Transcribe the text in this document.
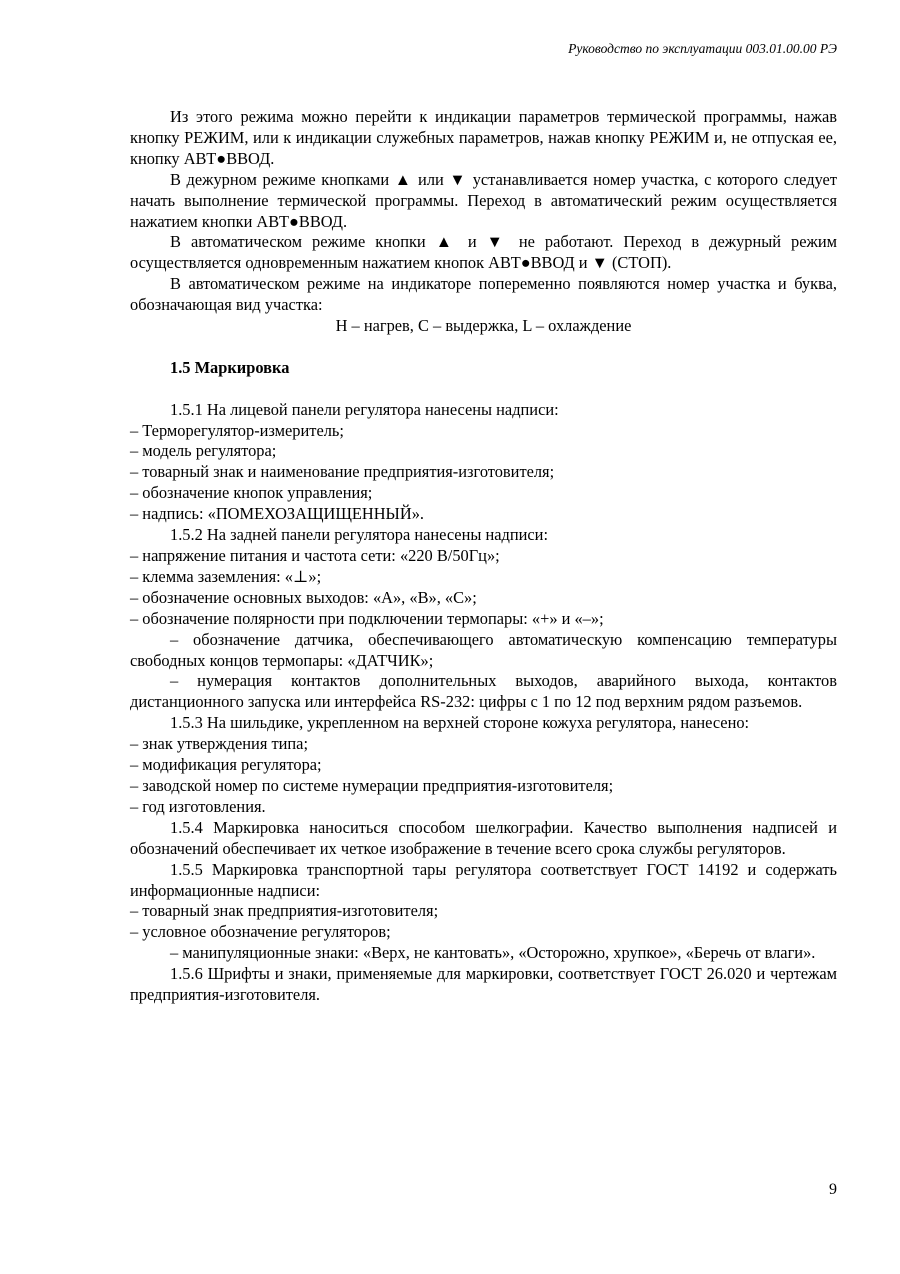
Руководство по эксплуатации 003.01.00.00 РЭ

Из этого режима можно перейти к индикации параметров термической программы, нажав кнопку РЕЖИМ, или к индикации служебных параметров, нажав кнопку РЕЖИМ и, не отпуская ее, кнопку АВТ●ВВОД.

В дежурном режиме кнопками ▲ или ▼ устанавливается номер участка, с которого следует начать выполнение термической программы. Переход в автоматический режим осуществляется нажатием кнопки АВТ●ВВОД.

В автоматическом режиме кнопки ▲ и ▼ не работают. Переход в дежурный режим осуществляется одновременным нажатием кнопок АВТ●ВВОД и ▼ (СТОП).

В автоматическом режиме на индикаторе попеременно появляются номер участка и буква, обозначающая вид участка:

Н – нагрев, С – выдержка, L – охлаждение

1.5 Маркировка

1.5.1 На лицевой панели регулятора нанесены надписи:

– Терморегулятор-измеритель;

– модель регулятора;

– товарный знак и наименование предприятия-изготовителя;

– обозначение кнопок управления;

– надпись: «ПОМЕХОЗАЩИЩЕННЫЙ».

1.5.2 На задней панели регулятора нанесены надписи:

– напряжение питания и частота сети: «220 В/50Гц»;

– клемма заземления: «⊥»;

– обозначение основных выходов: «А», «В», «С»;

– обозначение полярности при подключении термопары: «+» и «–»;

– обозначение датчика, обеспечивающего автоматическую компенсацию температуры свободных концов термопары: «ДАТЧИК»;

– нумерация контактов дополнительных выходов, аварийного выхода, контактов дистанционного запуска или интерфейса RS-232: цифры с 1 по 12 под верхним рядом разъемов.

1.5.3 На шильдике, укрепленном на верхней стороне кожуха регулятора, нанесено:

– знак утверждения типа;

– модификация регулятора;

– заводской номер по системе нумерации предприятия-изготовителя;

– год изготовления.

1.5.4 Маркировка наноситься способом шелкографии. Качество выполнения надписей и обозначений обеспечивает их четкое изображение в течение всего срока службы регуляторов.

1.5.5 Маркировка транспортной тары регулятора соответствует ГОСТ 14192 и содержать информационные надписи:

– товарный знак предприятия-изготовителя;

– условное обозначение регуляторов;

– манипуляционные знаки: «Верх, не кантовать», «Осторожно, хрупкое», «Беречь от влаги».

1.5.6 Шрифты и знаки, применяемые для маркировки, соответствует ГОСТ 26.020 и чертежам предприятия-изготовителя.

9
